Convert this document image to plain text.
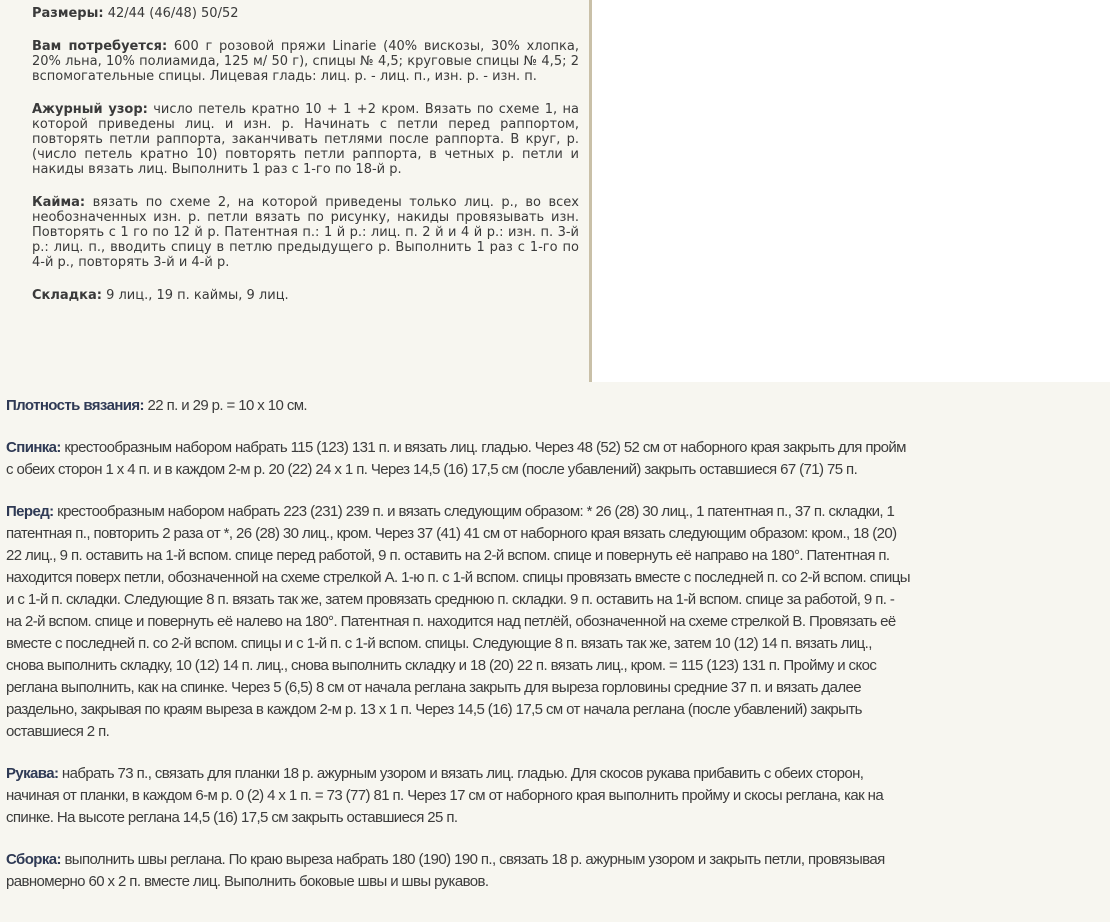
Размеры: 42/44 (46/48) 50/52

Вам потребуется: 600 г розовой пряжи Linarie (40% вискозы, 30% хлопка, 20% льна, 10% полиамида, 125 м/ 50 г), спицы № 4,5; круговые спицы № 4,5; 2 вспомогательные спицы. Лицевая гладь: лиц. р. - лиц. п., изн. р. - изн. п.

Ажурный узор: число петель кратно 10 + 1 +2 кром. Вязать по схеме 1, на которой приведены лиц. и изн. р. Начинать с петли перед раппортом, повторять петли раппорта, заканчивать петлями после раппорта. В круг, р. (число петель кратно 10) повторять петли раппорта, в четных р. петли и накиды вязать лиц. Выполнить 1 раз с 1-го по 18-й р.

Кайма: вязать по схеме 2, на которой приведены только лиц. р., во всех необозначенных изн. р. петли вязать по рисунку, накиды провязывать изн. Повторять с 1 го по 12 й р. Патентная п.: 1 й р.: лиц. п. 2 й и 4 й р.: изн. п. 3-й р.: лиц. п., вводить спицу в петлю предыдущего р. Выполнить 1 раз с 1-го по 4-й р., повторять 3-й и 4-й р.

Складка: 9 лиц., 19 п. каймы, 9 лиц.

Плотность вязания: 22 п. и 29 р. = 10 х 10 см.

Спинка: крестообразным набором набрать 115 (123) 131 п. и вязать лиц. гладью. Через 48 (52) 52 см от наборного края закрыть для пройм
с обеих сторон 1 х 4 п. и в каждом 2-м р. 20 (22) 24 х 1 п. Через 14,5 (16) 17,5 см (после убавлений) закрыть оставшиеся 67 (71) 75 п.

Перед: крестообразным набором набрать 223 (231) 239 п. и вязать следующим образом: * 26 (28) 30 лиц., 1 патентная п., 37 п. складки, 1
патентная п., повторить 2 раза от *, 26 (28) 30 лиц., кром. Через 37 (41) 41 см от наборного края вязать следующим образом: кром., 18 (20)
22 лиц., 9 п. оставить на 1-й вспом. спице перед работой, 9 п. оставить на 2-й вспом. спице и повернуть её направо на 180°. Патентная п.
находится поверх петли, обозначенной на схеме стрелкой А. 1-ю п. с 1-й вспом. спицы провязать вместе с последней п. со 2-й вспом. спицы
и с 1-й п. складки. Следующие 8 п. вязать так же, затем провязать среднюю п. складки. 9 п. оставить на 1-й вспом. спице за работой, 9 п. -
на 2-й вспом. спице и повернуть её налево на 180°. Патентная п. находится над петлёй, обозначенной на схеме стрелкой В. Провязать её
вместе с последней п. со 2-й вспом. спицы и с 1-й п. с 1-й вспом. спицы. Следующие 8 п. вязать так же, затем 10 (12) 14 п. вязать лиц.,
снова выполнить складку, 10 (12) 14 п. лиц., снова выполнить складку и 18 (20) 22 п. вязать лиц., кром. = 115 (123) 131 п. Пройму и скос
реглана выполнить, как на спинке. Через 5 (6,5) 8 см от начала реглана закрыть для выреза горловины средние 37 п. и вязать далее
раздельно, закрывая по краям выреза в каждом 2-м р. 13 х 1 п. Через 14,5 (16) 17,5 см от начала реглана (после убавлений) закрыть
оставшиеся 2 п.

Рукава: набрать 73 п., связать для планки 18 р. ажурным узором и вязать лиц. гладью. Для скосов рукава прибавить с обеих сторон,
начиная от планки, в каждом 6-м р. 0 (2) 4 х 1 п. = 73 (77) 81 п. Через 17 см от наборного края выполнить пройму и скосы реглана, как на
спинке. На высоте реглана 14,5 (16) 17,5 см закрыть оставшиеся 25 п.

Сборка: выполнить швы реглана. По краю выреза набрать 180 (190) 190 п., связать 18 р. ажурным узором и закрыть петли, провязывая
равномерно 60 х 2 п. вместе лиц. Выполнить боковые швы и швы рукавов.
